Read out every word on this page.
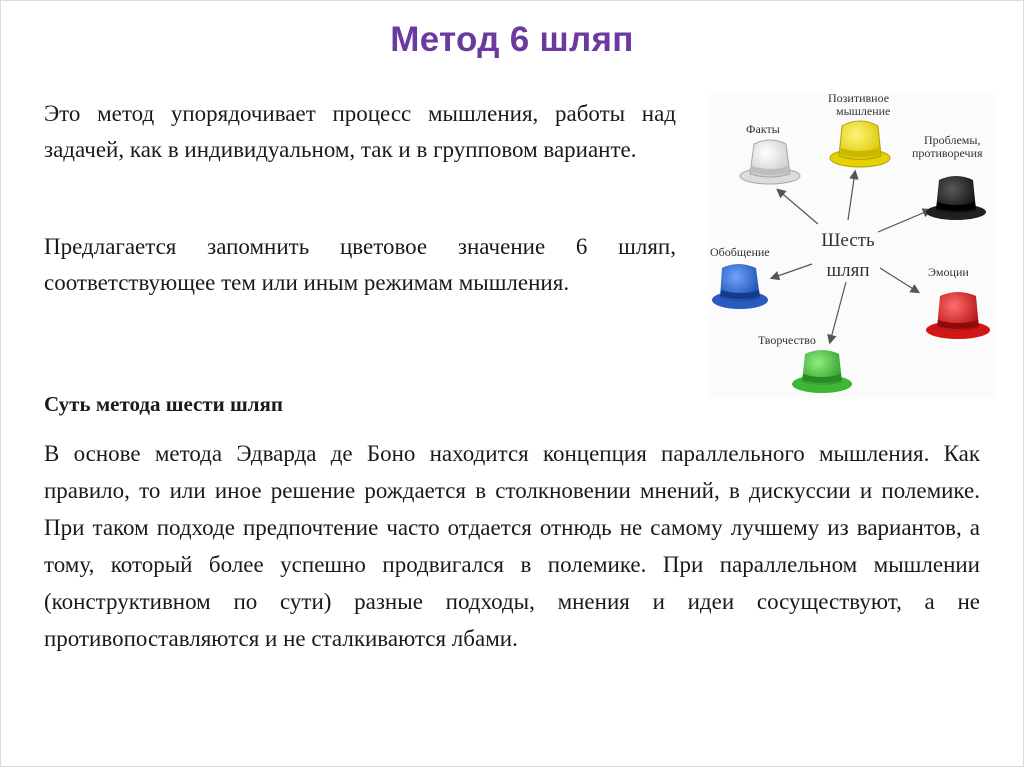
Метод 6 шляп
Это метод упорядочивает процесс мышления, работы над задачей, как в индивидуальном, так и в групповом варианте.
Предлагается запомнить цветовое значение 6 шляп, соответствующее тем или иным режимам мышления.
Суть метода шести шляп
В основе метода Эдварда де Боно находится концепция параллельного мышления. Как правило, то или иное решение рождается в столкновении мнений, в дискуссии и полемике. При таком подходе предпочтение часто отдается отнюдь не самому лучшему из вариантов, а тому, который более успешно продвигался в полемике. При параллельном мышлении (конструктивном по сути) разные подходы, мнения и идеи сосуществуют, а не противопоставляются и не сталкиваются лбами.
Шесть
шляп
Факты
Позитивное
мышление
Проблемы,
противоречия
Обобщение
Эмоции
Творчество
